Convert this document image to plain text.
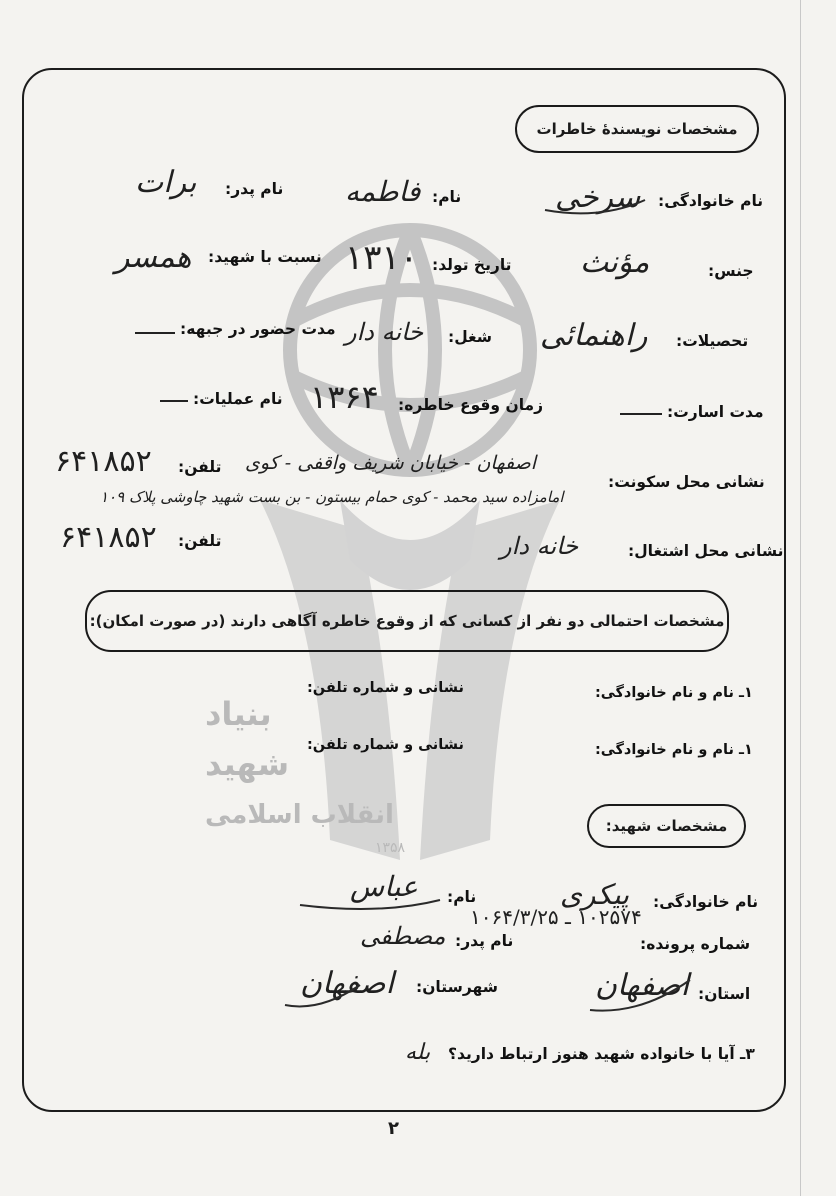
بنیاد
شهید
انقلاب اسلامی
۱۳۵۸
مشخصات نویسندهٔ خاطرات
نام خانوادگی:
سرخی
نام:
فاطمه
نام پدر:
برات
جنس:
مؤنث
تاریخ تولد:
۱۳۱۰
نسبت با شهید:
همسر
تحصیلات:
راهنمائی
شغل:
خانه دار
مدت حضور در جبهه:
مدت اسارت:
زمان وقوع خاطره:
۱۳۶۴
نام عملیات:
نشانی محل سکونت:
اصفهان - خیابان شریف واقفی - کوی
تلفن:
۶۴۱۸۵۲
امامزاده سید محمد - کوی حمام بیستون - بن بست شهید چاوشی پلاک ۱۰۹
نشانی محل اشتغال:
خانه دار
تلفن:
۶۴۱۸۵۲
مشخصات احتمالی دو نفر از کسانی که از وقوع خاطره آگاهی دارند (در صورت امکان):
۱ـ نام و نام خانوادگی:
نشانی و شماره تلفن:
۱ـ نام و نام خانوادگی:
نشانی و شماره تلفن:
مشخصات شهید:
نام خانوادگی:
پیکری
نام:
عباس
شماره پرونده:
۱۰۲۵۷۴ ـ ۱۰۶۴/۳/۲۵
نام پدر:
مصطفی
استان:
اصفهان
شهرستان:
اصفهان
۳ـ آیا با خانواده شهید هنوز ارتباط دارید؟
بله
۲
